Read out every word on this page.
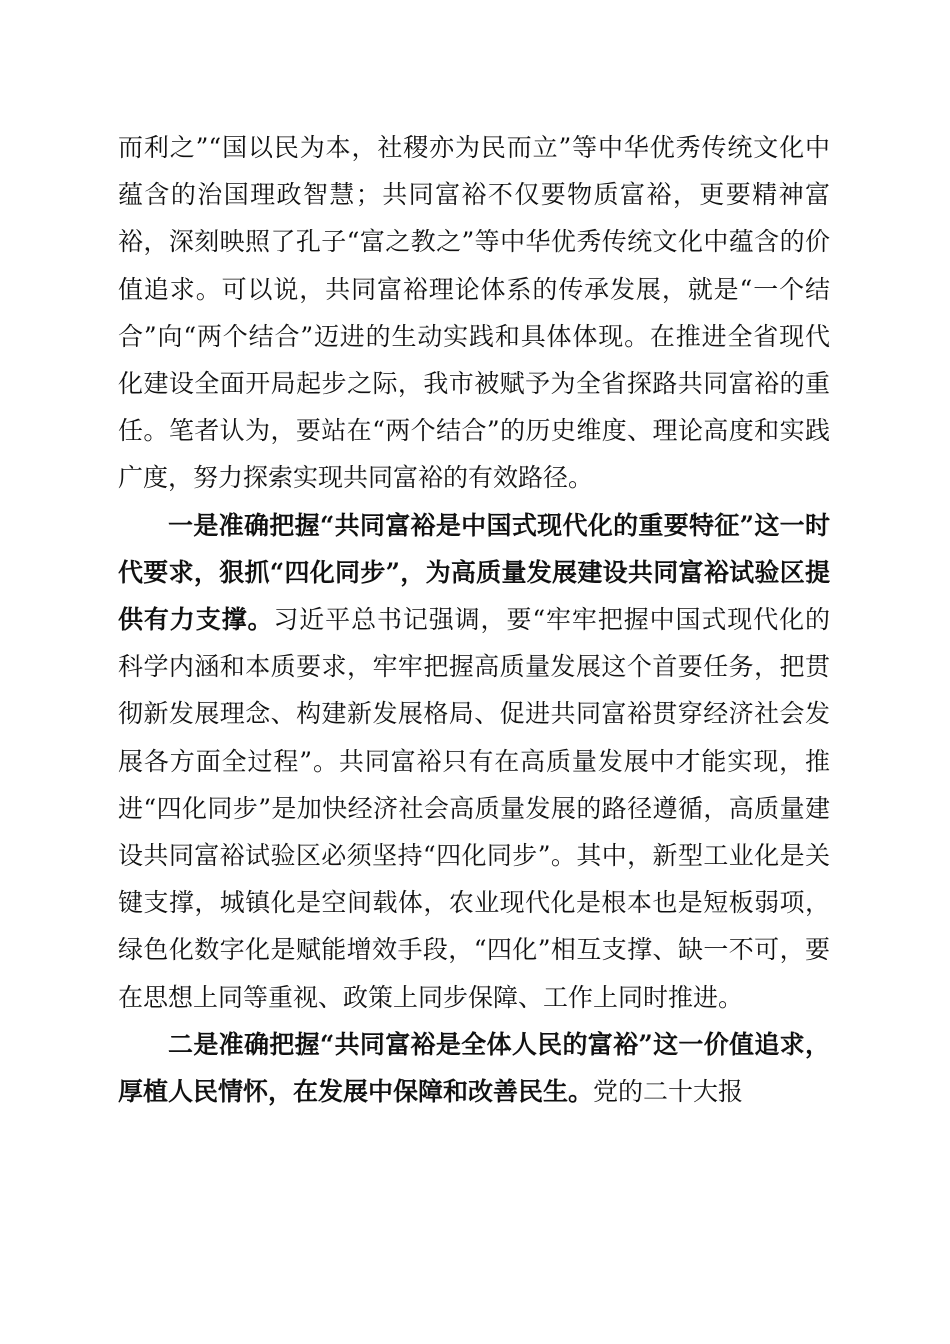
而利之”“国以民为本，社稷亦为民而立”等中华优秀传统文化中蕴含的治国理政智慧；共同富裕不仅要物质富裕，更要精神富裕，深刻映照了孔子“富之教之”等中华优秀传统文化中蕴含的价值追求。可以说，共同富裕理论体系的传承发展，就是“一个结合”向“两个结合”迈进的生动实践和具体体现。在推进全省现代化建设全面开局起步之际，我市被赋予为全省探路共同富裕的重任。笔者认为，要站在“两个结合”的历史维度、理论高度和实践广度，努力探索实现共同富裕的有效路径。

一是准确把握“共同富裕是中国式现代化的重要特征”这一时代要求，狠抓“四化同步”，为高质量发展建设共同富裕试验区提供有力支撑。习近平总书记强调，要“牢牢把握中国式现代化的科学内涵和本质要求，牢牢把握高质量发展这个首要任务，把贯彻新发展理念、构建新发展格局、促进共同富裕贯穿经济社会发展各方面全过程”。共同富裕只有在高质量发展中才能实现，推进“四化同步”是加快经济社会高质量发展的路径遵循，高质量建设共同富裕试验区必须坚持“四化同步”。其中，新型工业化是关键支撑，城镇化是空间载体，农业现代化是根本也是短板弱项，绿色化数字化是赋能增效手段，“四化”相互支撑、缺一不可，要在思想上同等重视、政策上同步保障、工作上同时推进。

二是准确把握“共同富裕是全体人民的富裕”这一价值追求，厚植人民情怀，在发展中保障和改善民生。党的二十大报
